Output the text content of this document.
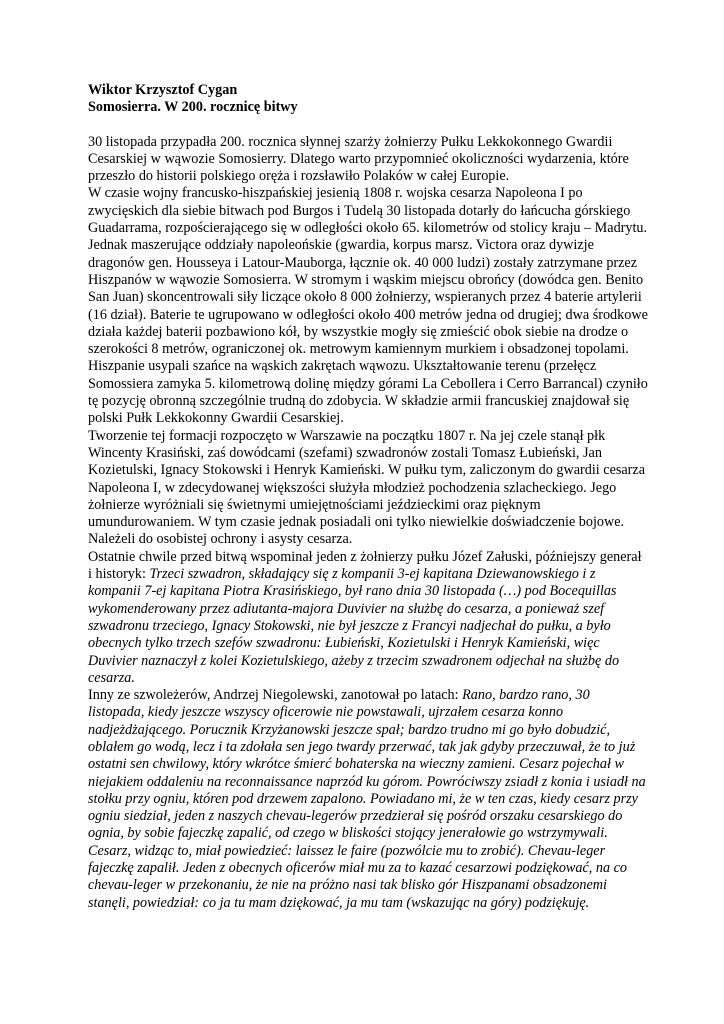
Wiktor Krzysztof Cygan
Somosierra. W 200. rocznicę bitwy

30 listopada przypadła 200. rocznica słynnej szarży żołnierzy Pułku Lekkokonnego Gwardii Cesarskiej w wąwozie Somosierry. Dlatego warto przypomnieć okoliczności wydarzenia, które przeszło do historii polskiego oręża i rozsławiło Polaków w całej Europie.

W czasie wojny francusko-hiszpańskiej jesienią 1808 r. wojska cesarza Napoleona I po zwycięskich dla siebie bitwach pod Burgos i Tudelą 30 listopada dotarły do łańcucha górskiego Guadarrama, rozpościerającego się w odległości około 65. kilometrów od stolicy kraju – Madrytu. Jednak maszerujące oddziały napoleońskie (gwardia, korpus marsz. Victora oraz dywizje dragonów gen. Housseya i Latour-Mauborga, łącznie ok. 40 000 ludzi) zostały zatrzymane przez Hiszpanów w wąwozie Somosierra. W stromym i wąskim miejscu obrońcy (dowódca gen. Benito San Juan) skoncentrowali siły liczące około 8 000 żołnierzy, wspieranych przez 4 baterie artylerii (16 dział). Baterie te ugrupowano w odległości około 400 metrów jedna od drugiej; dwa środkowe działa każdej baterii pozbawiono kół, by wszystkie mogły się zmieścić obok siebie na drodze o szerokości 8 metrów, ograniczonej ok. metrowym kamiennym murkiem i obsadzonej topolami. Hiszpanie usypali szańce na wąskich zakrętach wąwozu. Ukształtowanie terenu (przełęcz Somossiera zamyka 5. kilometrową dolinę między górami La Cebollera i Cerro Barrancal) czyniło tę pozycję obronną szczególnie trudną do zdobycia. W składzie armii francuskiej znajdował się polski Pułk Lekkokonny Gwardii Cesarskiej.

Tworzenie tej formacji rozpoczęto w Warszawie na początku 1807 r. Na jej czele stanął płk Wincenty Krasiński, zaś dowódcami (szefami) szwadronów zostali Tomasz Łubieński, Jan Kozietulski, Ignacy Stokowski i Henryk Kamieński. W pułku tym, zaliczonym do gwardii cesarza Napoleona I, w zdecydowanej większości służyła młodzież pochodzenia szlacheckiego. Jego żołnierze wyróżniali się świetnymi umiejętnościami jeździeckimi oraz pięknym umundurowaniem. W tym czasie jednak posiadali oni tylko niewielkie doświadczenie bojowe. Należeli do osobistej ochrony i asysty cesarza.

Ostatnie chwile przed bitwą wspominał jeden z żołnierzy pułku Józef Załuski, późniejszy generał i historyk: Trzeci szwadron, składający się z kompanii 3-ej kapitana Dziewanowskiego i z kompanii 7-ej kapitana Piotra Krasińskiego, był rano dnia 30 listopada (…) pod Bocequillas wykomenderowany przez adiutanta-majora Duvivier na służbę do cesarza, a ponieważ szef szwadronu trzeciego, Ignacy Stokowski, nie był jeszcze z Francyi nadjechał do pułku, a było obecnych tylko trzech szefów szwadronu: Łubieński, Kozietulski i Henryk Kamieński, więc Duvivier naznaczył z kolei Kozietulskiego, ażeby z trzecim szwadronem odjechał na służbę do cesarza.

Inny ze szwoleżerów, Andrzej Niegolewski, zanotował po latach: Rano, bardzo rano, 30 listopada, kiedy jeszcze wszyscy oficerowie nie powstawali, ujrzałem cesarza konno nadjeżdżającego. Porucznik Krzyżanowski jeszcze spał; bardzo trudno mi go było dobudzić, oblałem go wodą, lecz i ta zdołała sen jego twardy przerwać, tak jak gdyby przeczuwał, że to już ostatni sen chwilowy, który wkrótce śmierć bohaterska na wieczny zamieni. Cesarz pojechał w niejakiem oddaleniu na reconnaissance naprzód ku górom. Powróciwszy zsiadł z konia i usiadł na stołku przy ogniu, któren pod drzewem zapalono. Powiadano mi, że w ten czas, kiedy cesarz przy ogniu siedział, jeden z naszych chevau-legerów przedzierał się pośród orszaku cesarskiego do ognia, by sobie fajeczkę zapalić, od czego w bliskości stojący jenerałowie go wstrzymywali. Cesarz, widząc to, miał powiedzieć: laissez le faire (pozwólcie mu to zrobić). Chevau-leger fajeczkę zapalił. Jeden z obecnych oficerów miał mu za to kazać cesarzowi podziękować, na co chevau-leger w przekonaniu, że nie na próżno nasi tak blisko gór Hiszpanami obsadzonemi stanęli, powiedział: co ja tu mam dziękować, ja mu tam (wskazując na góry) podziękuję.
